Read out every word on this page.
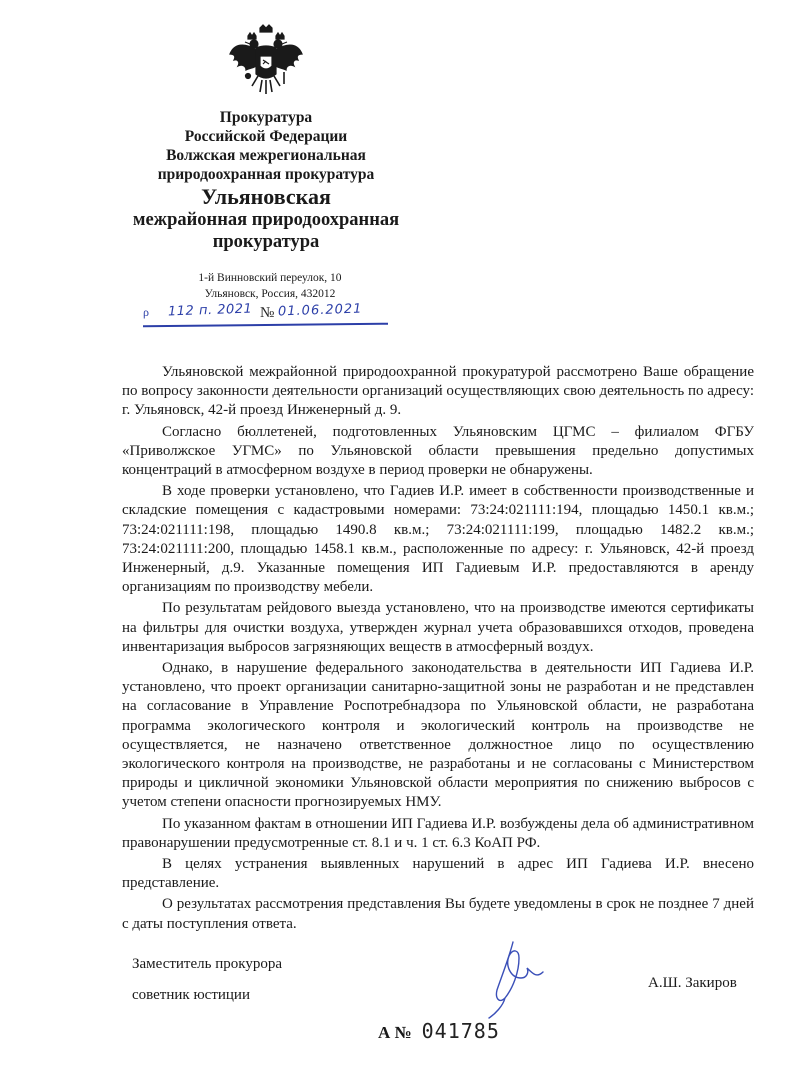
Прокуратура
Российской Федерации
Волжская межрегиональная
природоохранная прокуратура
Ульяновская
межрайонная природоохранная
прокуратура
1-й Винновский переулок, 10
Ульяновск, Россия, 432012
ρ 112 п. 2021 № 01.06.2021

Ульяновской межрайонной природоохранной прокуратурой рассмотрено Ваше обращение по вопросу законности деятельности организаций осуществляющих свою деятельность по адресу: г. Ульяновск, 42-й проезд Инженерный д. 9.

Согласно бюллетеней, подготовленных Ульяновским ЦГМС – филиалом ФГБУ «Приволжское УГМС» по Ульяновской области превышения предельно допустимых концентраций в атмосферном воздухе в период проверки не обнаружены.

В ходе проверки установлено, что Гадиев И.Р. имеет в собственности производственные и складские помещения с кадастровыми номерами: 73:24:021111:194, площадью 1450.1 кв.м.; 73:24:021111:198, площадью 1490.8 кв.м.; 73:24:021111:199, площадью 1482.2 кв.м.; 73:24:021111:200, площадью 1458.1 кв.м., расположенные по адресу: г. Ульяновск, 42-й проезд Инженерный, д.9. Указанные помещения ИП Гадиевым И.Р. предоставляются в аренду организациям по производству мебели.

По результатам рейдового выезда установлено, что на производстве имеются сертификаты на фильтры для очистки воздуха, утвержден журнал учета образовавшихся отходов, проведена инвентаризация выбросов загрязняющих веществ в атмосферный воздух.

Однако, в нарушение федерального законодательства в деятельности ИП Гадиева И.Р. установлено, что проект организации санитарно-защитной зоны не разработан и не представлен на согласование в Управление Роспотребнадзора по Ульяновской области, не разработана программа экологического контроля и экологический контроль на производстве не осуществляется, не назначено ответственное должностное лицо по осуществлению экологического контроля на производстве, не разработаны и не согласованы с Министерством природы и цикличной экономики Ульяновской области мероприятия по снижению выбросов с учетом степени опасности прогнозируемых НМУ.

По указанном фактам в отношении ИП Гадиева И.Р. возбуждены дела об административном правонарушении предусмотренные ст. 8.1 и ч. 1 ст. 6.3 КоАП РФ.

В целях устранения выявленных нарушений в адрес ИП Гадиева И.Р. внесено представление.

О результатах рассмотрения представления Вы будете уведомлены в срок не позднее 7 дней с даты поступления ответа.

Заместитель прокурора
советник юстиции
А.Ш. Закиров
А № 041785
